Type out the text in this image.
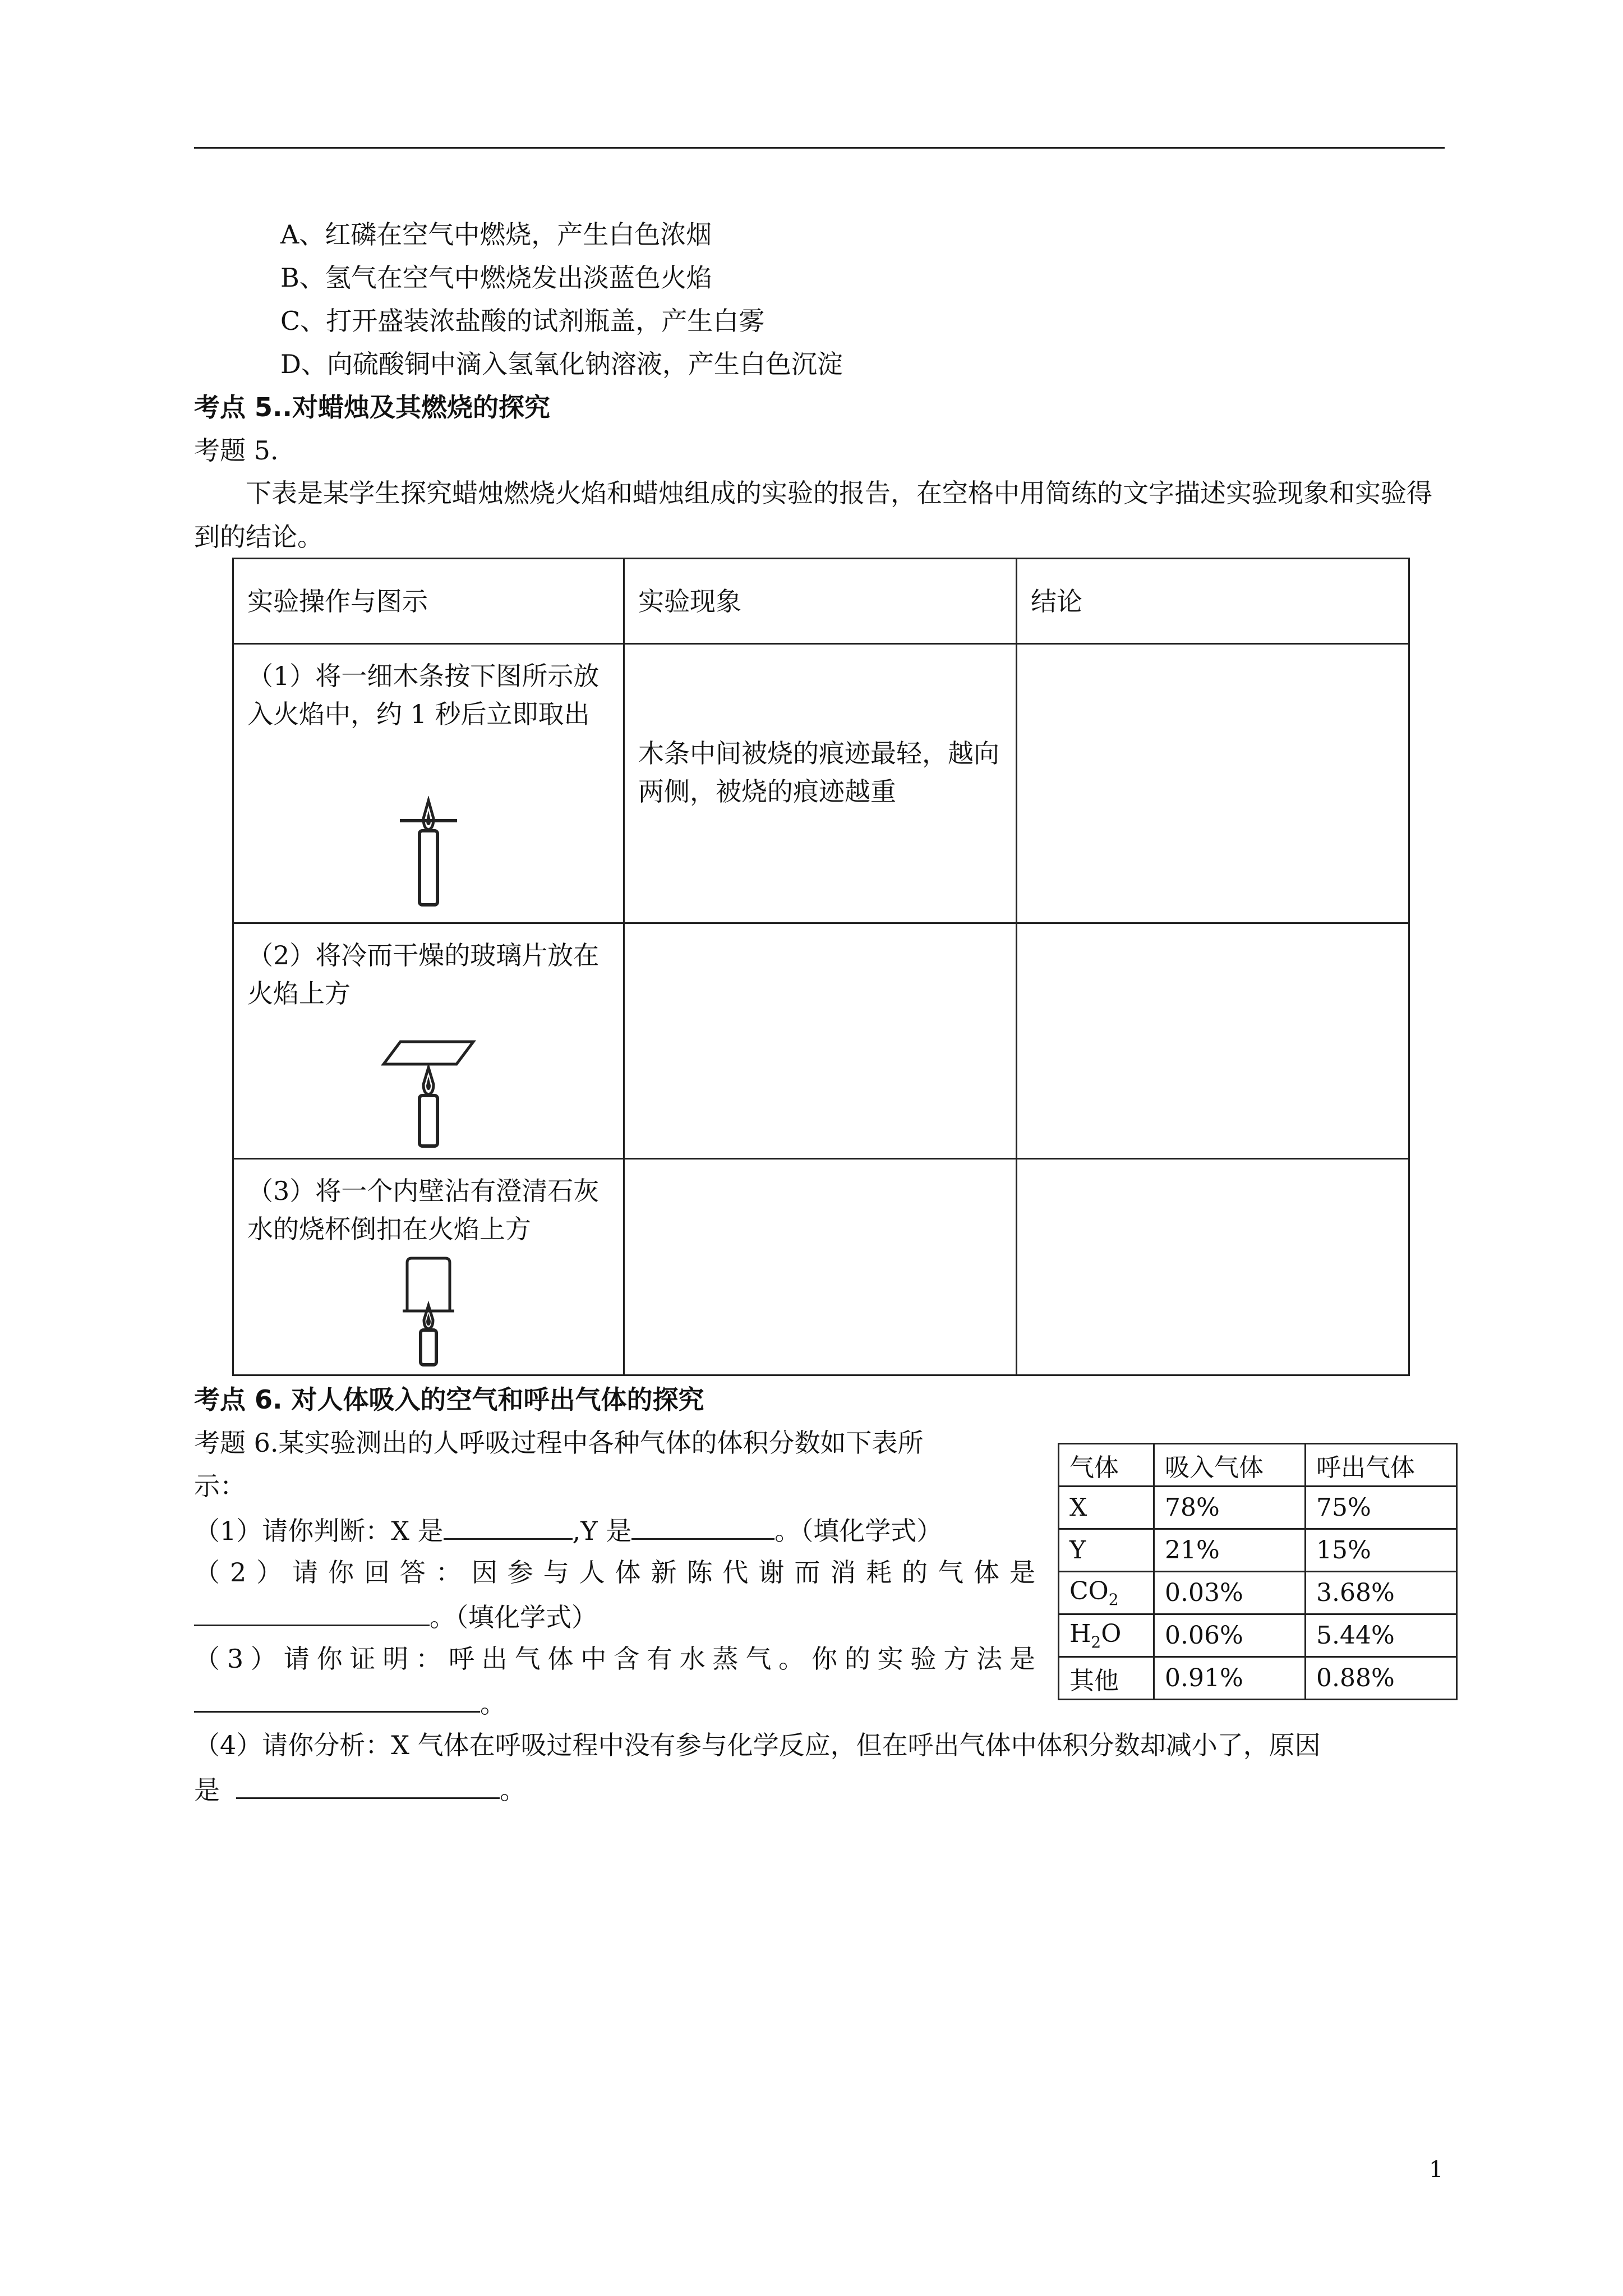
A、红磷在空气中燃烧，产生白色浓烟
B、氢气在空气中燃烧发出淡蓝色火焰
C、打开盛装浓盐酸的试剂瓶盖，产生白雾
D、向硫酸铜中滴入氢氧化钠溶液，产生白色沉淀
考点 5..对蜡烛及其燃烧的探究
考题 5.
下表是某学生探究蜡烛燃烧火焰和蜡烛组成的实验的报告，在空格中用简练的文字描述实验现象和实验得到的结论。
实验操作与图示	实验现象	结论

（1）将一细木条按下图所示放入火焰中，约 1 秒后立即取出	木条中间被烧的痕迹最轻，越向两侧，被烧的痕迹越重	

（2）将冷而干燥的玻璃片放在火焰上方		

（3）将一个内壁沾有澄清石灰水的烧杯倒扣在火焰上方		

考点 6. 对人体吸入的空气和呼出气体的探究
考题 6.某实验测出的人呼吸过程中各种气体的体积分数如下表所
示：
（1）请你判断：X 是	,Y 是	。（填化学式）
（2）请你回答：因参与人体新陈代谢而消耗的气体是
。（填化学式）
（3）请你证明：呼出气体中含有水蒸气。你的实验方法是
。
（4）请你分析：X 气体在呼吸过程中没有参与化学反应，但在呼出气体中体积分数却减小了，原因
是	。
气体	吸入气体	呼出气体
X	78%	75%
Y	21%	15%
$CO_2$	0.03%	3.68%
$H_2O$	0.06%	5.44%
其他	0.91%	0.88%
1
